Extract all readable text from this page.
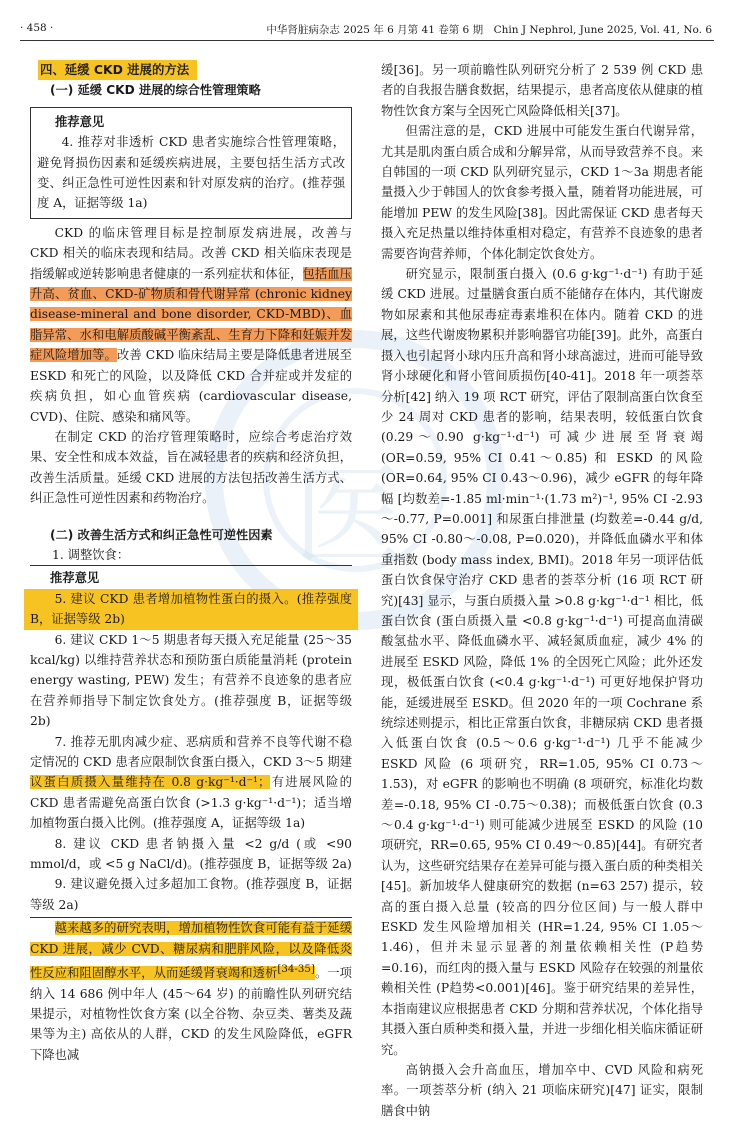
· 458 ·	中华肾脏病杂志 2025 年 6 月第 41 卷第 6 期　Chin J Nephrol, June 2025, Vol. 41, No. 6
医
四、延缓 CKD 进展的方法
(一) 延缓 CKD 进展的综合性管理策略
推荐意见

4. 推荐对非透析 CKD 患者实施综合性管理策略，避免肾损伤因素和延缓疾病进展，主要包括生活方式改变、纠正急性可逆性因素和针对原发病的治疗。(推荐强度 A，证据等级 1a)

CKD 的临床管理目标是控制原发病进展，改善与 CKD 相关的临床表现和结局。改善 CKD 相关临床表现是指缓解或逆转影响患者健康的一系列症状和体征，包括血压升高、贫血、CKD-矿物质和骨代谢异常 (chronic kidney disease-mineral and bone disorder, CKD-MBD)、血脂异常、水和电解质酸碱平衡紊乱、生育力下降和妊娠并发症风险增加等。改善 CKD 临床结局主要是降低患者进展至 ESKD 和死亡的风险，以及降低 CKD 合并症或并发症的疾病负担，如心血管疾病 (cardiovascular disease, CVD)、住院、感染和痛风等。

在制定 CKD 的治疗管理策略时，应综合考虑治疗效果、安全性和成本效益，旨在减轻患者的疾病和经济负担，改善生活质量。延缓 CKD 进展的方法包括改善生活方式、纠正急性可逆性因素和药物治疗。

(二) 改善生活方式和纠正急性可逆性因素
1. 调整饮食：
推荐意见

5. 建议 CKD 患者增加植物性蛋白的摄入。(推荐强度 B，证据等级 2b)

6. 建议 CKD 1～5 期患者每天摄入充足能量 (25～35 kcal/kg) 以维持营养状态和预防蛋白质能量消耗 (protein energy wasting, PEW) 发生；有营养不良迹象的患者应在营养师指导下制定饮食处方。(推荐强度 B，证据等级 2b)

7. 推荐无肌肉减少症、恶病质和营养不良等代谢不稳定情况的 CKD 患者应限制饮食蛋白摄入，CKD 3～5 期建议蛋白质摄入量维持在 0.8 g·kg⁻¹·d⁻¹；有进展风险的 CKD 患者需避免高蛋白饮食 (>1.3 g·kg⁻¹·d⁻¹)；适当增加植物蛋白摄入比例。(推荐强度 A，证据等级 1a)

8. 建议 CKD 患者钠摄入量 <2 g/d (或 <90 mmol/d，或 <5 g NaCl/d)。(推荐强度 B，证据等级 2a)

9. 建议避免摄入过多超加工食物。(推荐强度 B，证据等级 2a)

越来越多的研究表明，增加植物性饮食可能有益于延缓 CKD 进展，减少 CVD、糖尿病和肥胖风险，以及降低炎性反应和阻固醇水平，从而延缓肾衰竭和透析[34-35]。一项纳入 14 686 例中年人 (45～64 岁) 的前瞻性队列研究结果提示，对植物性饮食方案 (以全谷物、杂豆类、薯类及蔬果等为主) 高依从的人群，CKD 的发生风险降低，eGFR 下降也减

缓[36]。另一项前瞻性队列研究分析了 2 539 例 CKD 患者的自我报告膳食数据，结果提示，患者高度依从健康的植物性饮食方案与全因死亡风险降低相关[37]。

但需注意的是，CKD 进展中可能发生蛋白代谢异常，尤其是肌肉蛋白质合成和分解异常，从而导致营养不良。来自韩国的一项 CKD 队列研究显示，CKD 1～3a 期患者能量摄入少于韩国人的饮食参考摄入量，随着肾功能进展，可能增加 PEW 的发生风险[38]。因此需保证 CKD 患者每天摄入充足热量以维持体重相对稳定，有营养不良迹象的患者需要咨询营养师，个体化制定饮食处方。

研究显示，限制蛋白摄入 (0.6 g·kg⁻¹·d⁻¹) 有助于延缓 CKD 进展。过量膳食蛋白质不能储存在体内，其代谢废物如尿素和其他尿毒症毒素堆积在体内。随着 CKD 的进展，这些代谢废物累积并影响器官功能[39]。此外，高蛋白摄入也引起肾小球内压升高和肾小球高滤过，进而可能导致肾小球硬化和肾小管间质损伤[40-41]。2018 年一项荟萃分析[42] 纳入 19 项 RCT 研究，评估了限制高蛋白饮食至少 24 周对 CKD 患者的影响，结果表明，较低蛋白饮食 (0.29～0.90 g·kg⁻¹·d⁻¹) 可减少进展至肾衰竭 (OR=0.59, 95% CI 0.41～0.85) 和 ESKD 的风险 (OR=0.64, 95% CI 0.43～0.96)，减少 eGFR 的每年降幅 [均数差=-1.85 ml·min⁻¹·(1.73 m²)⁻¹, 95% CI -2.93～-0.77, P=0.001] 和尿蛋白排泄量 (均数差=-0.44 g/d, 95% CI -0.80～-0.08, P=0.020)，并降低血磷水平和体重指数 (body mass index, BMI)。2018 年另一项评估低蛋白饮食保守治疗 CKD 患者的荟萃分析 (16 项 RCT 研究)[43] 显示，与蛋白质摄入量 >0.8 g·kg⁻¹·d⁻¹ 相比，低蛋白饮食 (蛋白质摄入量 <0.8 g·kg⁻¹·d⁻¹) 可提高血清碳酸氢盐水平、降低血磷水平、减轻氮质血症，减少 4% 的进展至 ESKD 风险，降低 1% 的全因死亡风险；此外还发现，极低蛋白饮食 (<0.4 g·kg⁻¹·d⁻¹) 可更好地保护肾功能，延缓进展至 ESKD。但 2020 年的一项 Cochrane 系统综述则提示，相比正常蛋白饮食，非糖尿病 CKD 患者摄入低蛋白饮食 (0.5～0.6 g·kg⁻¹·d⁻¹) 几乎不能减少 ESKD 风险 (6 项研究，RR=1.05, 95% CI 0.73～1.53)，对 eGFR 的影响也不明确 (8 项研究，标准化均数差=-0.18, 95% CI -0.75～0.38)；而极低蛋白饮食 (0.3～0.4 g·kg⁻¹·d⁻¹) 则可能减少进展至 ESKD 的风险 (10 项研究，RR=0.65, 95% CI 0.49～0.85)[44]。有研究者认为，这些研究结果存在差异可能与摄入蛋白质的种类相关[45]。新加坡华人健康研究的数据 (n=63 257) 提示，较高的蛋白摄入总量 (较高的四分位区间) 与一般人群中 ESKD 发生风险增加相关 (HR=1.24, 95% CI 1.05～1.46)，但并未显示显著的剂量依赖相关性 (P趋势=0.16)，而红肉的摄入量与 ESKD 风险存在较强的剂量依赖相关性 (P趋势<0.001)[46]。鉴于研究结果的差异性，本指南建议应根据患者 CKD 分期和营养状况，个体化指导其摄入蛋白质种类和摄入量，并进一步细化相关临床循证研究。

高钠摄入会升高血压，增加卒中、CVD 风险和病死率。一项荟萃分析 (纳入 21 项临床研究)[47] 证实，限制膳食中钠
